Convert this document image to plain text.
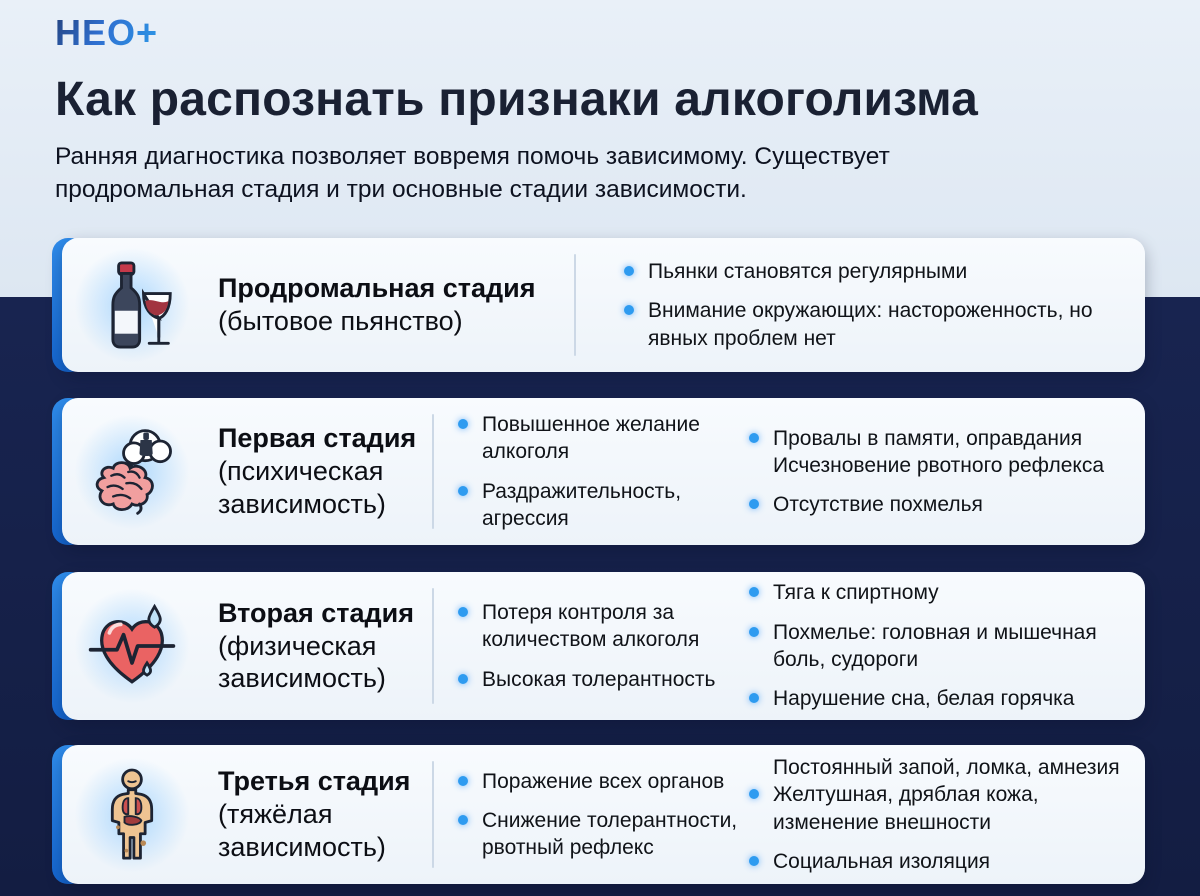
НЕО+
Как распознать признаки алкоголизма

Ранняя диагностика позволяет вовремя помочь зависимому. Существует продромальная стадия и три основные стадии зависимости.

Продромальная стадия
(бытовое пьянство)
Пьянки становятся регулярными
Внимание окружающих: настороженность, но явных проблем нет
Первая стадия
(психическая зависимость)
Повышенное желание алкоголя
Раздражительность, агрессия
Провалы в памяти, оправдания
Исчезновение рвотного рефлекса
Отсутствие похмелья
Вторая стадия
(физическая зависимость)
Потеря контроля за количеством алкоголя
Высокая толерантность
Тяга к спиртному
Похмелье: головная и мышечная боль, судороги
Нарушение сна, белая горячка
Третья стадия
(тяжёлая зависимость)
Поражение всех органов
Снижение толерантности, рвотный рефлекс
Постоянный запой, ломка, амнезия
Желтушная, дряблая кожа, изменение внешности
Социальная изоляция
